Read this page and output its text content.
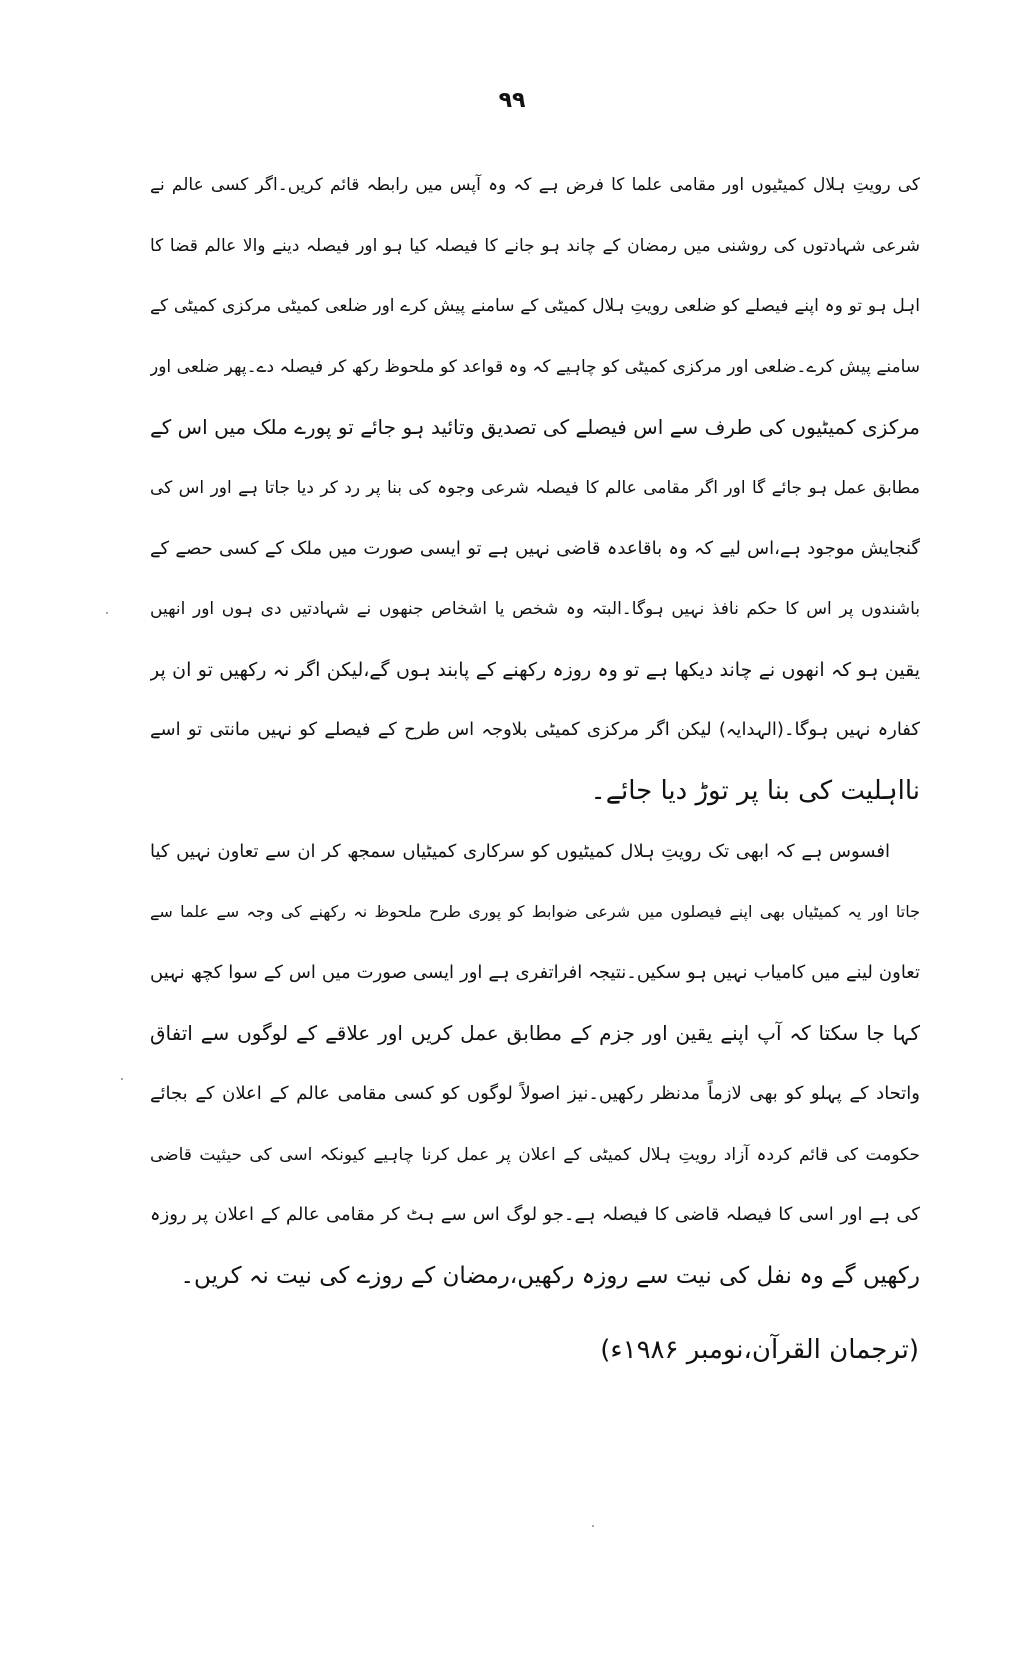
۹۹
کی رویتِ ہلال کمیٹیوں اور مقامی علما کا فرض ہے کہ وہ آپس میں رابطہ قائم کریں۔اگر کسی عالم نے
شرعی شہادتوں کی روشنی میں رمضان کے چاند ہو جانے کا فیصلہ کیا ہو اور فیصلہ دینے والا عالم قضا کا
اہل ہو تو وہ اپنے فیصلے کو ضلعی رویتِ ہلال کمیٹی کے سامنے پیش کرے اور ضلعی کمیٹی مرکزی کمیٹی کے
سامنے پیش کرے۔ضلعی اور مرکزی کمیٹی کو چاہیے کہ وہ قواعد کو ملحوظ رکھ کر فیصلہ دے۔پھر ضلعی اور
مرکزی کمیٹیوں کی طرف سے اس فیصلے کی تصدیق وتائید ہو جائے تو پورے ملک میں اس کے
مطابق عمل ہو جائے گا اور اگر مقامی عالم کا فیصلہ شرعی وجوہ کی بنا پر رد کر دیا جاتا ہے اور اس کی
گنجایش موجود ہے،اس لیے کہ وہ باقاعدہ قاضی نہیں ہے تو ایسی صورت میں ملک کے کسی حصے کے
باشندوں پر اس کا حکم نافذ نہیں ہوگا۔البتہ وہ شخص یا اشخاص جنھوں نے شہادتیں دی ہوں اور انھیں
یقین ہو کہ انھوں نے چاند دیکھا ہے تو وہ روزہ رکھنے کے پابند ہوں گے،لیکن اگر نہ رکھیں تو ان پر
کفارہ نہیں ہوگا۔(الہدایہ) لیکن اگر مرکزی کمیٹی بلاوجہ اس طرح کے فیصلے کو نہیں مانتی تو اسے
نااہلیت کی بنا پر توڑ دیا جائے۔
افسوس ہے کہ ابھی تک رویتِ ہلال کمیٹیوں کو سرکاری کمیٹیاں سمجھ کر ان سے تعاون نہیں کیا
جاتا اور یہ کمیٹیاں بھی اپنے فیصلوں میں شرعی ضوابط کو پوری طرح ملحوظ نہ رکھنے کی وجہ سے علما سے
تعاون لینے میں کامیاب نہیں ہو سکیں۔نتیجہ افراتفری ہے اور ایسی صورت میں اس کے سوا کچھ نہیں
کہا جا سکتا کہ آپ اپنے یقین اور جزم کے مطابق عمل کریں اور علاقے کے لوگوں سے اتفاق
واتحاد کے پہلو کو بھی لازماً مدنظر رکھیں۔نیز اصولاً لوگوں کو کسی مقامی عالم کے اعلان کے بجائے
حکومت کی قائم کردہ آزاد رویتِ ہلال کمیٹی کے اعلان پر عمل کرنا چاہیے کیونکہ اسی کی حیثیت قاضی
کی ہے اور اسی کا فیصلہ قاضی کا فیصلہ ہے۔جو لوگ اس سے ہٹ کر مقامی عالم کے اعلان پر روزہ
رکھیں گے وہ نفل کی نیت سے روزہ رکھیں،رمضان کے روزے کی نیت نہ کریں۔
(ترجمان القرآن،نومبر ۱۹۸۶ء)
